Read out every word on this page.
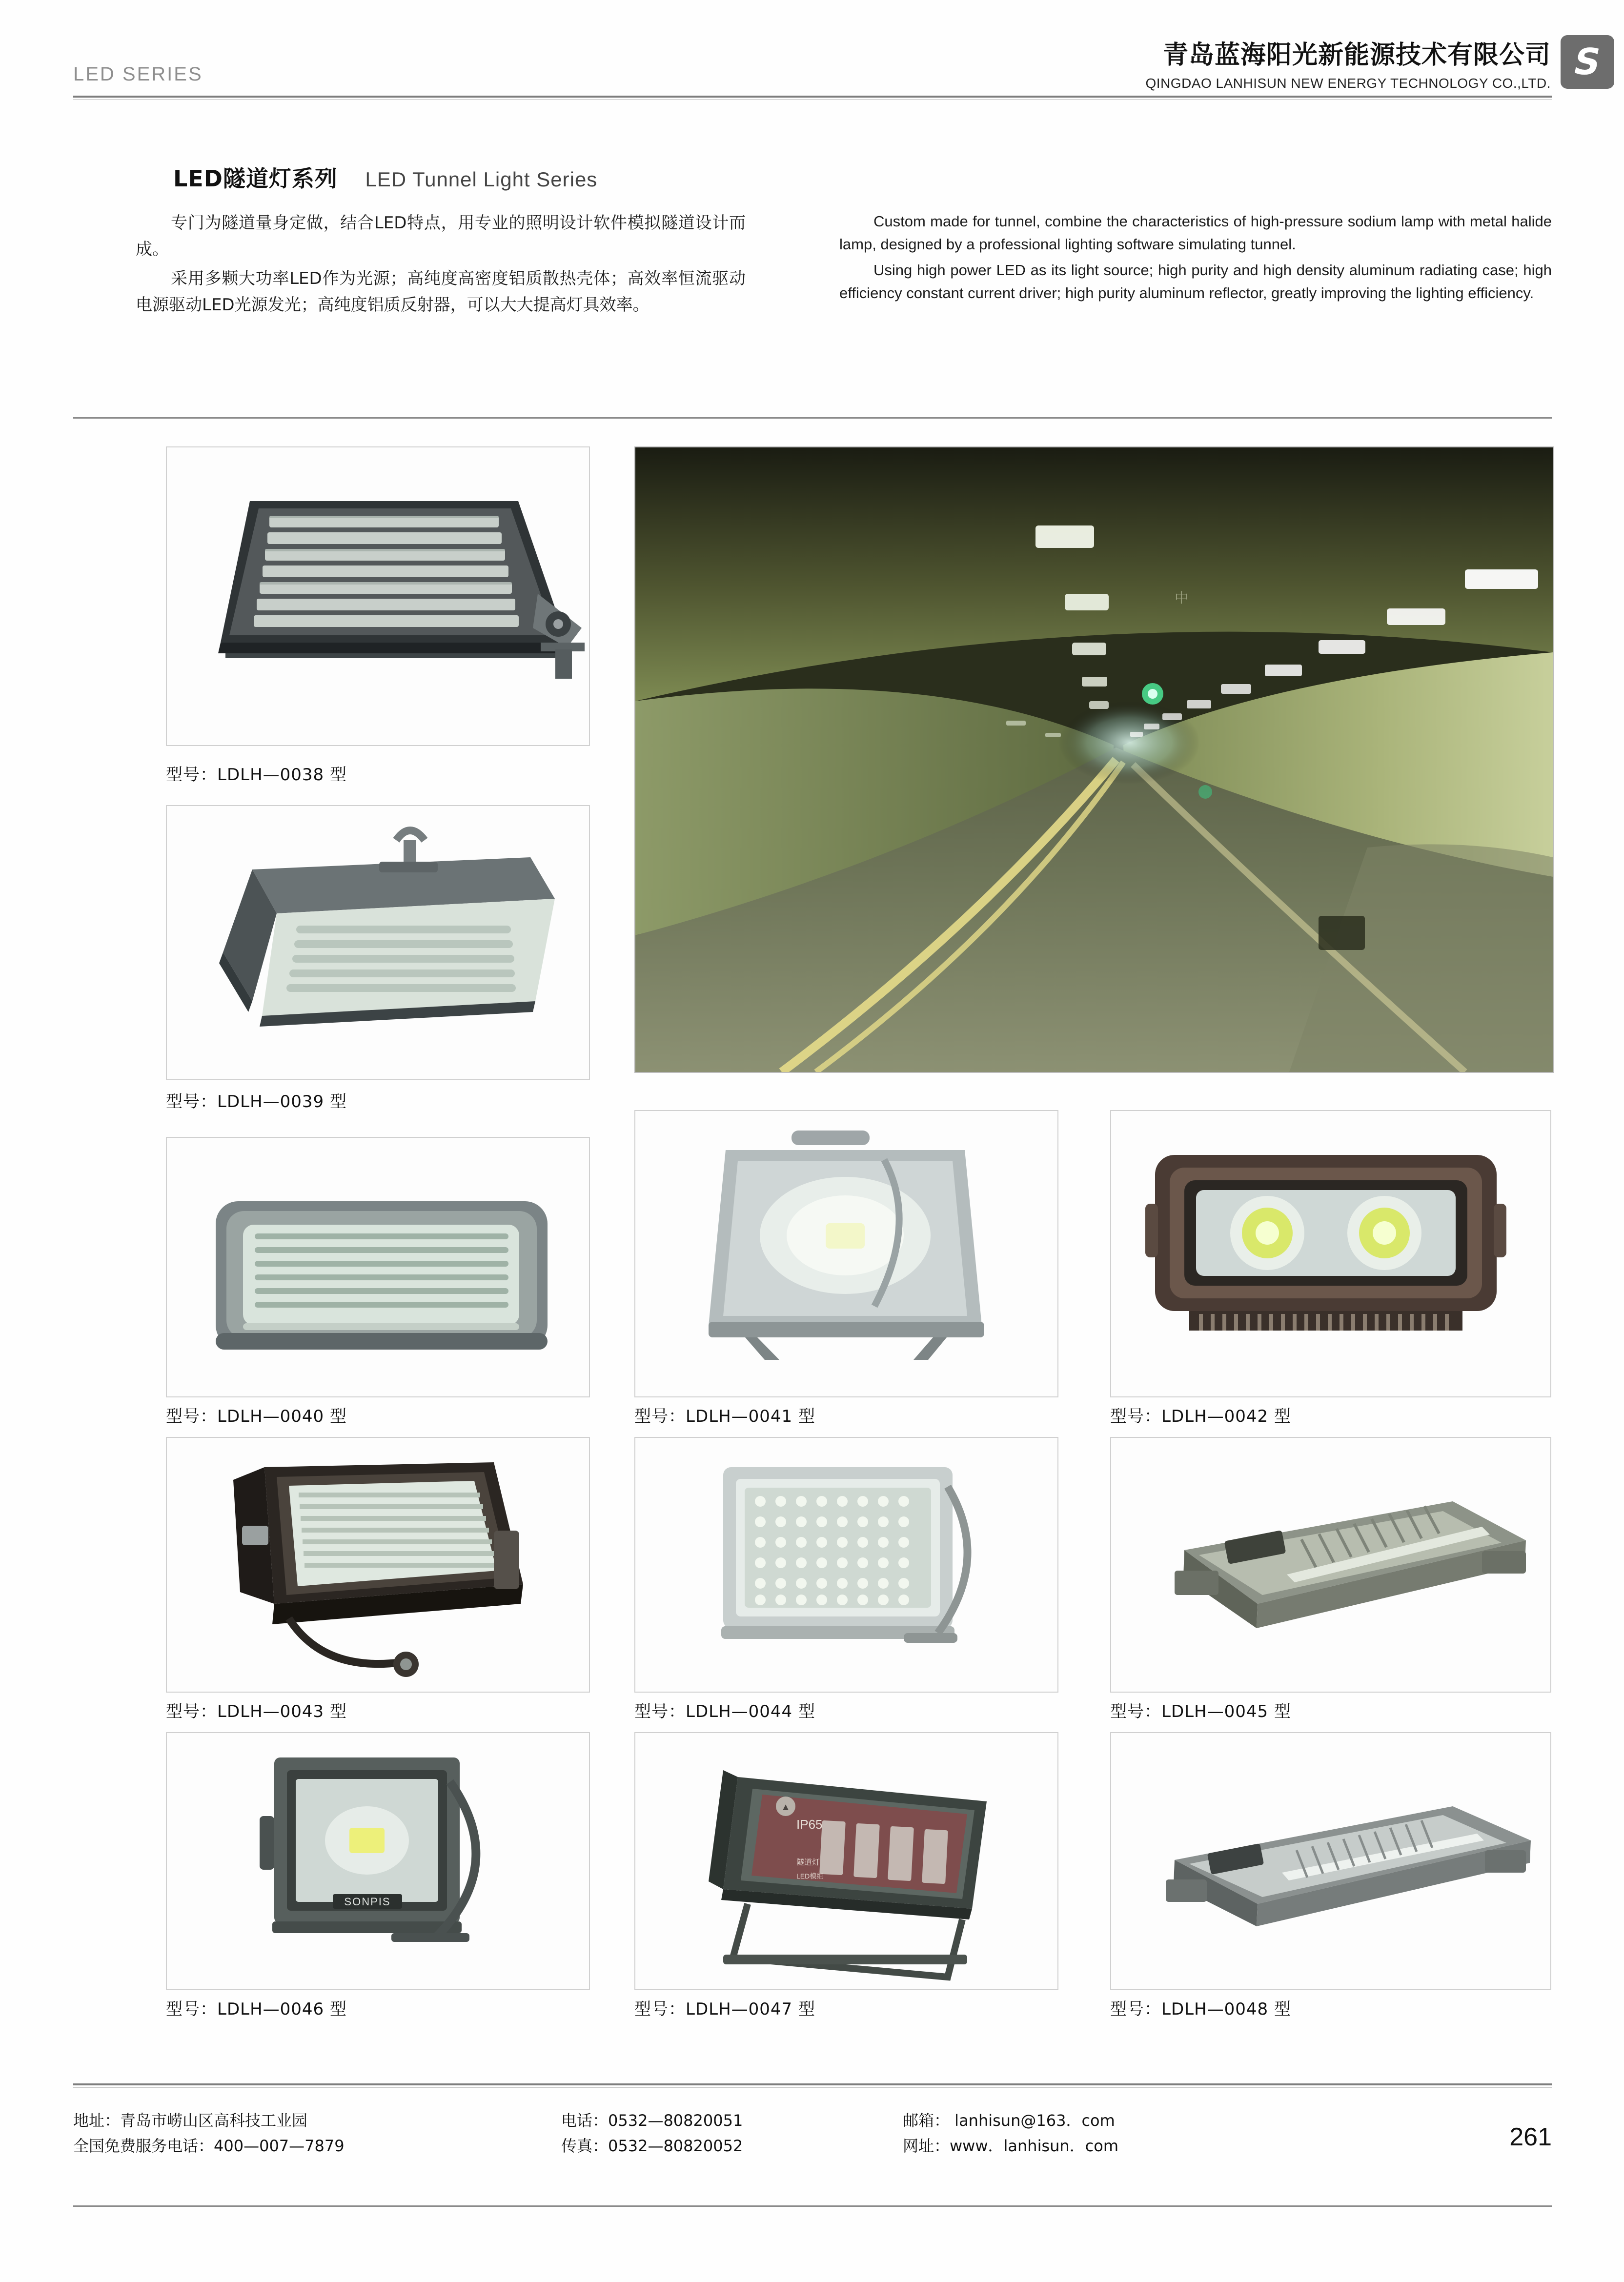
LED SERIES
青岛蓝海阳光新能源技术有限公司
QINGDAO LANHISUN NEW ENERGY TECHNOLOGY CO.,LTD.
S
LED隧道灯系列 LED Tunnel Light Series

专门为隧道量身定做，结合LED特点，用专业的照明设计软件模拟隧道设计而成。

采用多颗大功率LED作为光源；高纯度高密度铝质散热壳体；高效率恒流驱动电源驱动LED光源发光；高纯度铝质反射器，可以大大提高灯具效率。

Custom made for tunnel, combine the characteristics of high-pressure sodium lamp with metal halide lamp, designed by a professional lighting software simulating tunnel.

Using high power LED as its light source; high purity and high density aluminum radiating case; high efficiency constant current driver; high purity aluminum reflector, greatly improving the lighting efficiency.

型号：LDLH—0038 型
型号：LDLH—0039 型
中
型号：LDLH—0040 型	型号：LDLH—0041 型	型号：LDLH—0042 型
型号：LDLH—0043 型	型号：LDLH—0044 型	型号：LDLH—0045 型
SONPIS
型号：LDLH—0046 型
▲
IP65
隧道灯
LED模组
型号：LDLH—0047 型	型号：LDLH—0048 型
地址：青岛市崂山区高科技工业园
全国免费服务电话：400—007—7879
电话：0532—80820051
传真：0532—80820052
邮箱： lanhisun@163．com
网址：www．lanhisun．com	261
